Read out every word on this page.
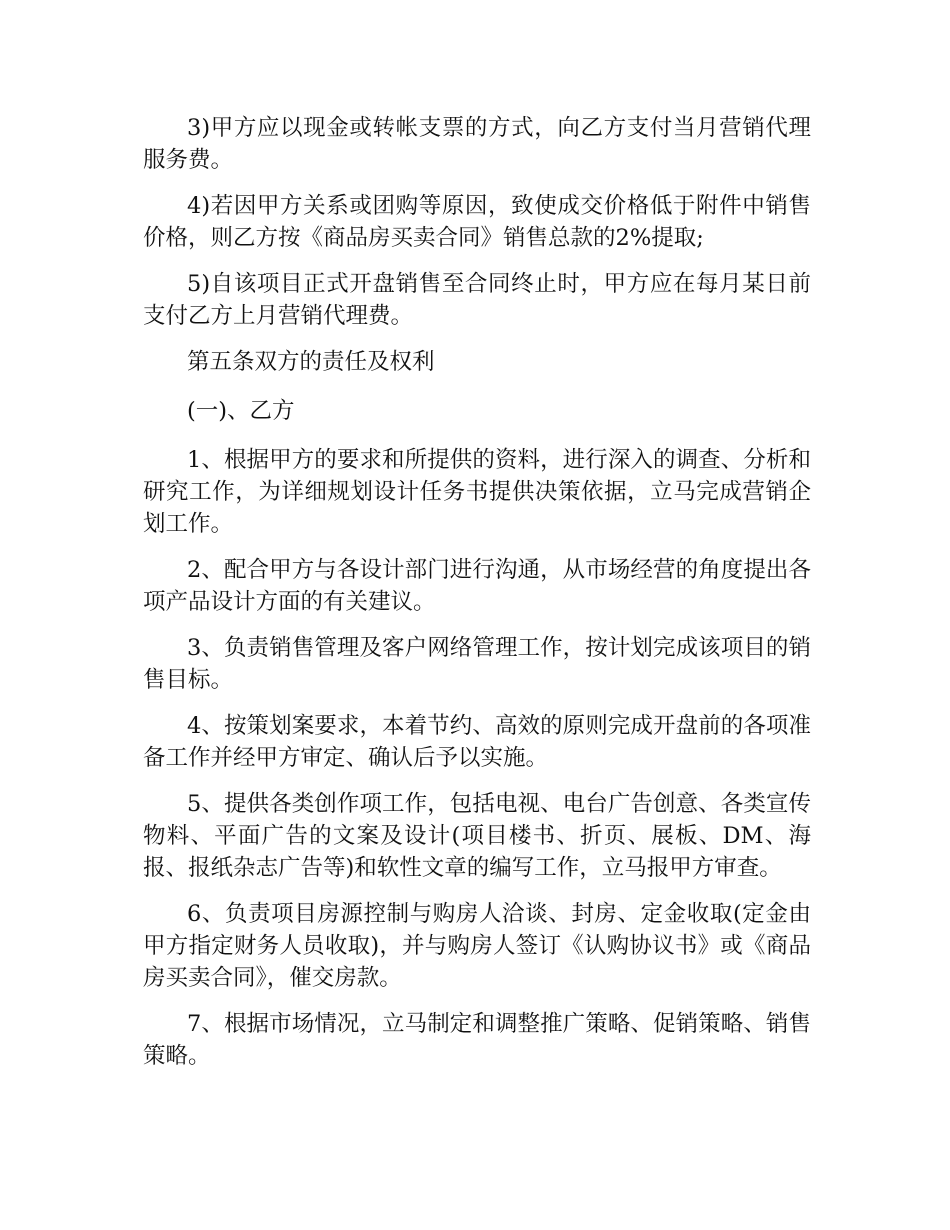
3)甲方应以现金或转帐支票的方式，向乙方支付当月营销代理服务费。

4)若因甲方关系或团购等原因，致使成交价格低于附件中销售价格，则乙方按《商品房买卖合同》销售总款的2%提取;

5)自该项目正式开盘销售至合同终止时，甲方应在每月某日前支付乙方上月营销代理费。

第五条双方的责任及权利

(一)、乙方

1、根据甲方的要求和所提供的资料，进行深入的调查、分析和研究工作，为详细规划设计任务书提供决策依据，立马完成营销企划工作。

2、配合甲方与各设计部门进行沟通，从市场经营的角度提出各项产品设计方面的有关建议。

3、负责销售管理及客户网络管理工作，按计划完成该项目的销售目标。

4、按策划案要求，本着节约、高效的原则完成开盘前的各项准备工作并经甲方审定、确认后予以实施。

5、提供各类创作项工作，包括电视、电台广告创意、各类宣传物料、平面广告的文案及设计(项目楼书、折页、展板、DM、海报、报纸杂志广告等)和软性文章的编写工作，立马报甲方审查。

6、负责项目房源控制与购房人洽谈、封房、定金收取(定金由甲方指定财务人员收取)，并与购房人签订《认购协议书》或《商品房买卖合同》，催交房款。

7、根据市场情况，立马制定和调整推广策略、促销策略、销售策略。
